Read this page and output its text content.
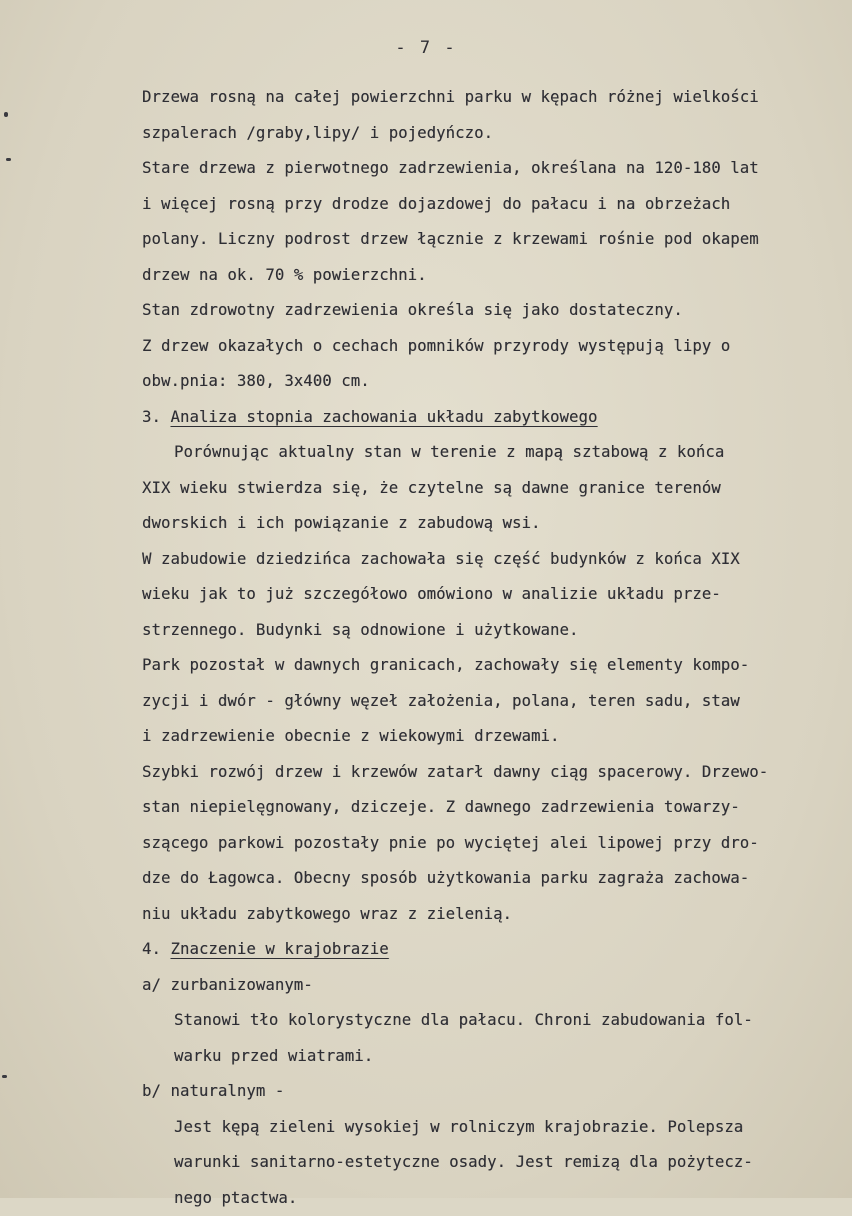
- 7 -
Drzewa rosną na całej powierzchni parku w kępach różnej wielkości
szpalerach /graby,lipy/ i pojedyńczo.
Stare drzewa z pierwotnego zadrzewienia, określana na 120-180 lat
i więcej rosną przy drodze dojazdowej do pałacu i na obrzeżach
polany. Liczny podrost drzew łącznie z krzewami rośnie pod okapem
drzew na ok. 70 % powierzchni.
Stan zdrowotny zadrzewienia określa się jako dostateczny.
Z drzew okazałych o cechach pomników przyrody występują lipy o
obw.pnia: 380, 3x400 cm.
3. Analiza stopnia zachowania układu zabytkowego
Porównując aktualny stan w terenie z mapą sztabową z końca
XIX wieku stwierdza się, że czytelne są dawne granice terenów
dworskich i ich powiązanie z zabudową wsi.
W zabudowie dziedzińca zachowała się część budynków z końca XIX
wieku jak to już szczegółowo omówiono w analizie układu prze-
strzennego. Budynki są odnowione i użytkowane.
Park pozostał w dawnych granicach, zachowały się elementy kompo-
zycji i dwór - główny węzeł założenia, polana, teren sadu, staw
i zadrzewienie obecnie z wiekowymi drzewami.
Szybki rozwój drzew i krzewów zatarł dawny ciąg spacerowy. Drzewo-
stan niepielęgnowany, dziczeje. Z dawnego zadrzewienia towarzy-
szącego parkowi pozostały pnie po wyciętej alei lipowej przy dro-
dze do Łagowca. Obecny sposób użytkowania parku zagraża zachowa-
niu układu zabytkowego wraz z zielenią.
4. Znaczenie w krajobrazie
a/ zurbanizowanym-
Stanowi tło kolorystyczne dla pałacu. Chroni zabudowania fol-
warku przed wiatrami.
b/ naturalnym -
Jest kępą zieleni wysokiej w rolniczym krajobrazie. Polepsza
warunki sanitarno-estetyczne osady. Jest remizą dla pożytecz-
nego ptactwa.
